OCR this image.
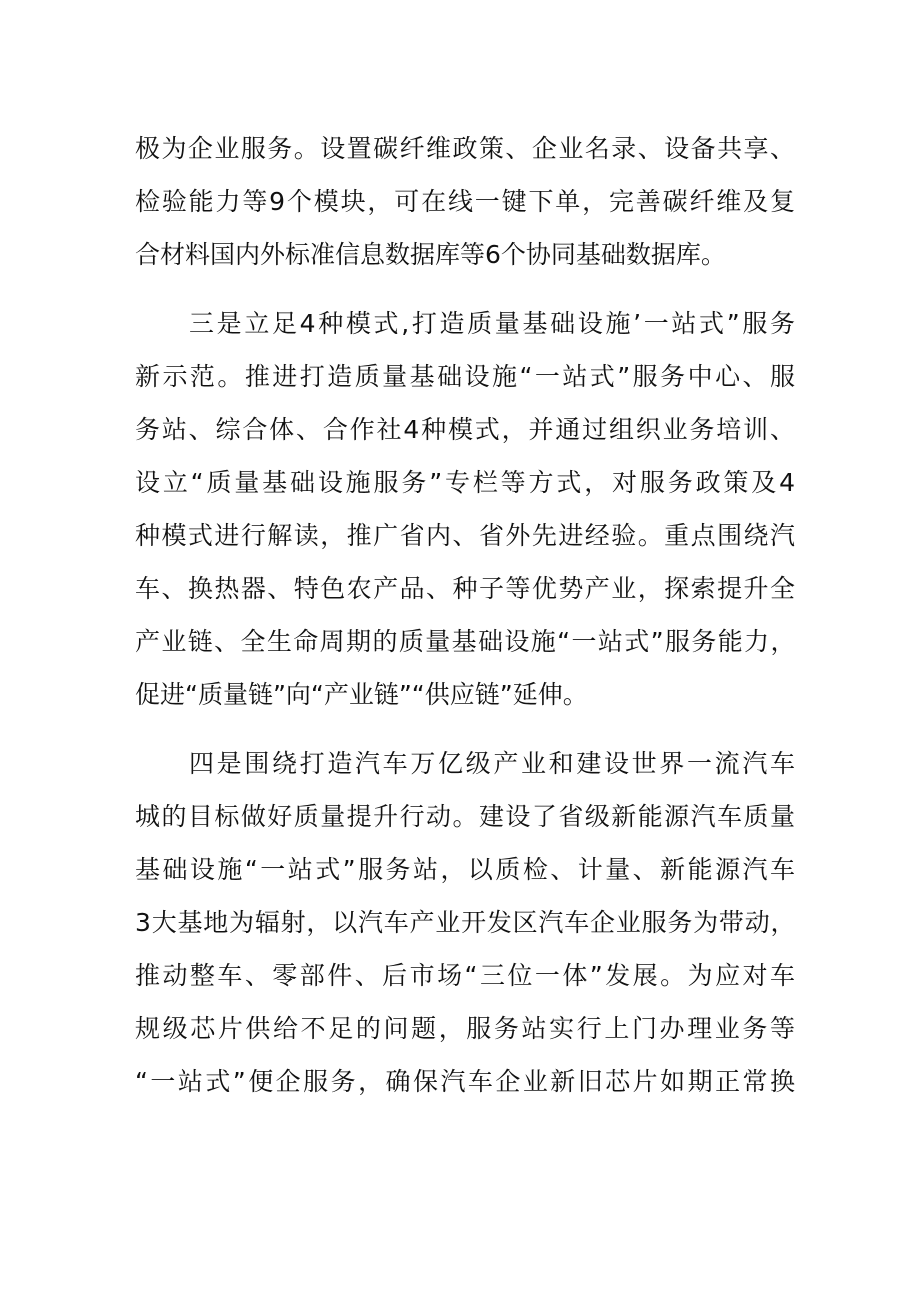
极为企业服务。设置碳纤维政策、企业名录、设备共享、
检验能力等9个模块，可在线一键下单，完善碳纤维及复
合材料国内外标准信息数据库等6个协同基础数据库。
三是立足4种模式,打造质量基础设施’一站式”服务
新示范。推进打造质量基础设施“一站式”服务中心、服
务站、综合体、合作社4种模式，并通过组织业务培训、
设立“质量基础设施服务”专栏等方式，对服务政策及4
种模式进行解读，推广省内、省外先进经验。重点围绕汽
车、换热器、特色农产品、种子等优势产业，探索提升全
产业链、全生命周期的质量基础设施“一站式”服务能力，
促进“质量链”向“产业链”“供应链”延伸。
四是围绕打造汽车万亿级产业和建设世界一流汽车
城的目标做好质量提升行动。建设了省级新能源汽车质量
基础设施“一站式”服务站，以质检、计量、新能源汽车
3大基地为辐射，以汽车产业开发区汽车企业服务为带动，
推动整车、零部件、后市场“三位一体”发展。为应对车
规级芯片供给不足的问题，服务站实行上门办理业务等
“一站式”便企服务，确保汽车企业新旧芯片如期正常换
